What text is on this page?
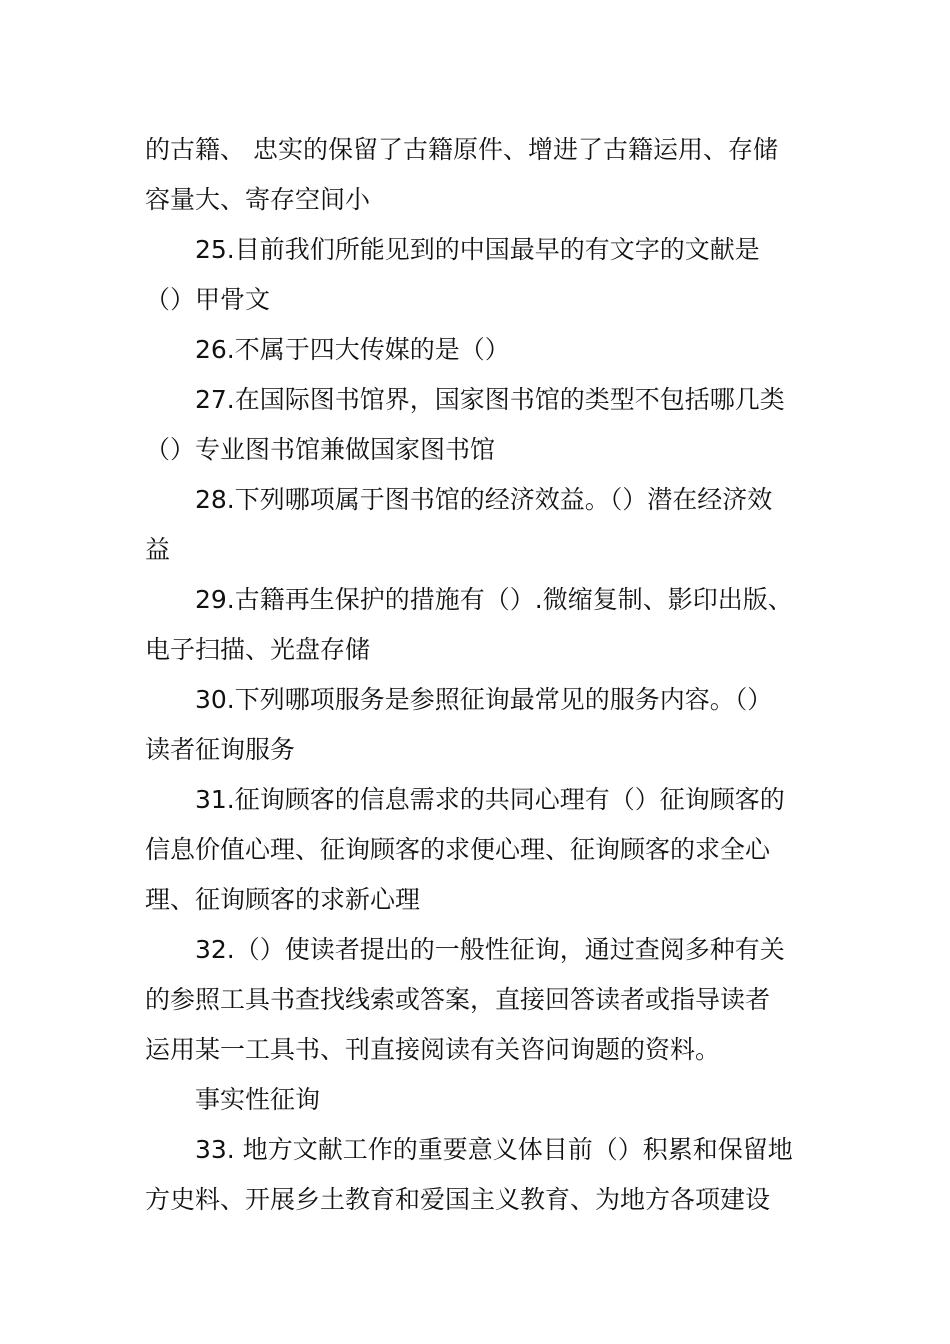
的古籍、 忠实的保留了古籍原件、增进了古籍运用、存储
容量大、寄存空间小
25.目前我们所能见到的中国最早的有文字的文献是
（）甲骨文
26.不属于四大传媒的是（）
27.在国际图书馆界，国家图书馆的类型不包括哪几类
（）专业图书馆兼做国家图书馆
28.下列哪项属于图书馆的经济效益。（）潜在经济效
益
29.古籍再生保护的措施有（）.微缩复制、影印出版、
电子扫描、光盘存储
30.下列哪项服务是参照征询最常见的服务内容。（）
读者征询服务
31.征询顾客的信息需求的共同心理有（）征询顾客的
信息价值心理、征询顾客的求便心理、征询顾客的求全心
理、征询顾客的求新心理
32.（）使读者提出的一般性征询，通过查阅多种有关
的参照工具书查找线索或答案，直接回答读者或指导读者
运用某一工具书、刊直接阅读有关咨问询题的资料。
事实性征询
33. 地方文献工作的重要意义体目前（）积累和保留地
方史料、开展乡土教育和爱国主义教育、为地方各项建设
